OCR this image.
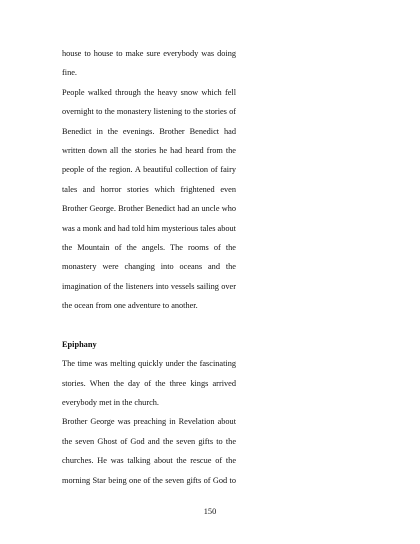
house to house to make sure everybody was doing
fine.
People walked through the heavy snow which fell
overnight to the monastery listening to the stories of
Benedict in the evenings. Brother Benedict had
written down all the stories he had heard from the
people of the region. A beautiful collection of fairy
tales and horror stories which frightened even
Brother George. Brother Benedict had an uncle who
was a monk and had told him mysterious tales about
the Mountain of the angels. The rooms of the
monastery were changing into oceans and the
imagination of the listeners into vessels sailing over
the ocean from one adventure to another.
Epiphany
The time was melting quickly under the fascinating
stories. When the day of the three kings arrived
everybody met in the church.
Brother George was preaching in Revelation about
the seven Ghost of God and the seven gifts to the
churches. He was talking about the rescue of the
morning Star being one of the seven gifts of God to
150
